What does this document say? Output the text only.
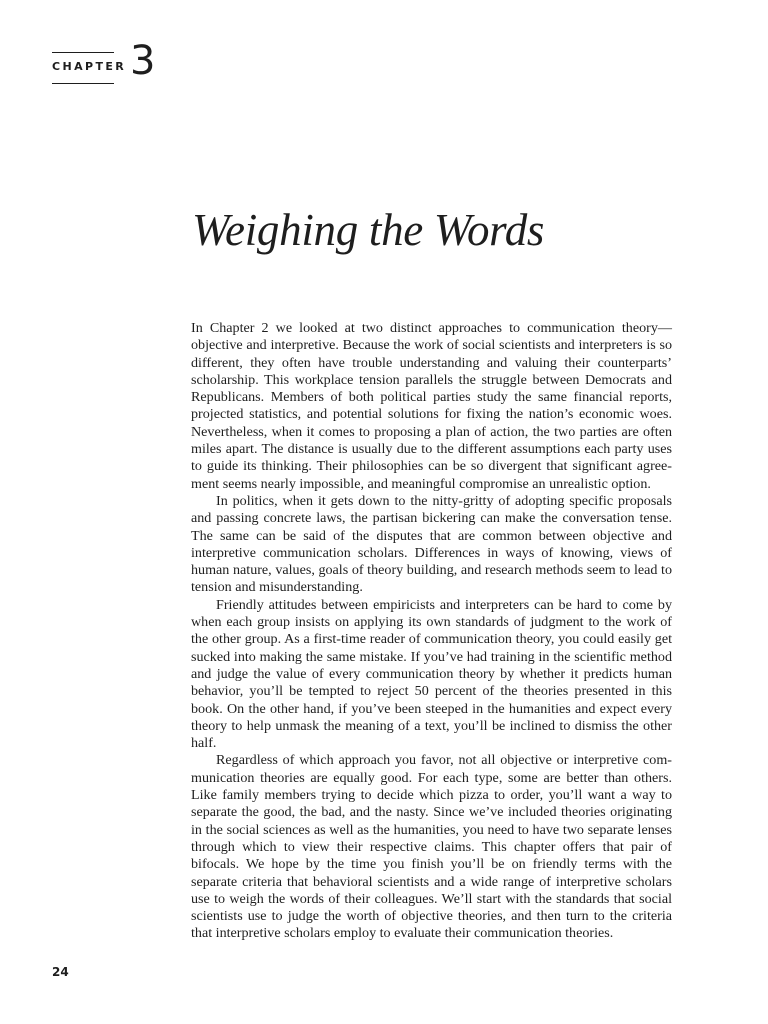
CHAPTER 3
Weighing the Words

In Chapter 2 we looked at two distinct approaches to communication theory—objective and interpretive. Because the work of social scientists and interpreters is so different, they often have trouble understanding and valuing their counterparts’ scholarship. This workplace tension parallels the struggle between Democrats and Republicans. Members of both political parties study the same financial reports, projected statistics, and potential solutions for fixing the nation’s economic woes. Nevertheless, when it comes to proposing a plan of action, the two parties are often miles apart. The distance is usually due to the different assumptions each party uses to guide its thinking. Their philosophies can be so divergent that significant agreement seems nearly impossible, and meaningful compromise an unrealistic option.

In politics, when it gets down to the nitty-gritty of adopting specific proposals and passing concrete laws, the partisan bickering can make the conversation tense. The same can be said of the disputes that are common between objective and interpretive communication scholars. Differences in ways of knowing, views of human nature, values, goals of theory building, and research methods seem to lead to tension and misunderstanding.

Friendly attitudes between empiricists and interpreters can be hard to come by when each group insists on applying its own standards of judgment to the work of the other group. As a first-time reader of communication theory, you could easily get sucked into making the same mistake. If you’ve had training in the scientific method and judge the value of every communication theory by whether it predicts human behavior, you’ll be tempted to reject 50 percent of the theories presented in this book. On the other hand, if you’ve been steeped in the humanities and expect every theory to help unmask the meaning of a text, you’ll be inclined to dismiss the other half.

Regardless of which approach you favor, not all objective or interpretive communication theories are equally good. For each type, some are better than others. Like family members trying to decide which pizza to order, you’ll want a way to separate the good, the bad, and the nasty. Since we’ve included theories originating in the social sciences as well as the humanities, you need to have two separate lenses through which to view their respective claims. This chapter offers that pair of bifocals. We hope by the time you finish you’ll be on friendly terms with the separate criteria that behavioral scientists and a wide range of interpretive scholars use to weigh the words of their colleagues. We’ll start with the standards that social scientists use to judge the worth of objective theories, and then turn to the criteria that interpretive scholars employ to evaluate their communication theories.

24
